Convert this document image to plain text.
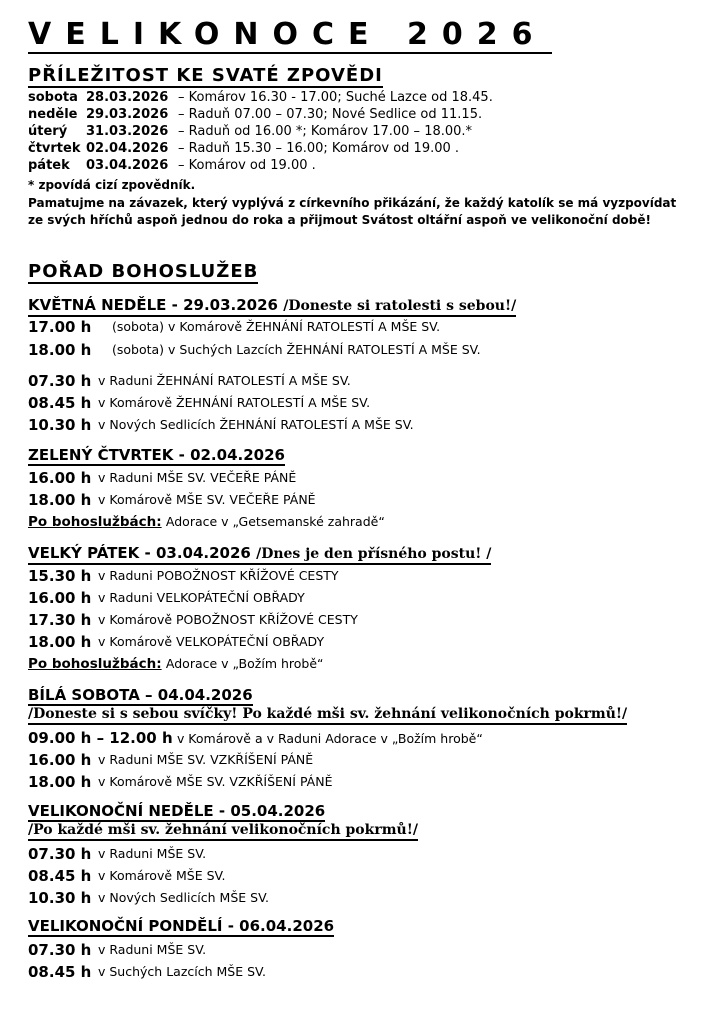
VELIKONOCE 2026
PŘÍLEŽITOST KE SVATÉ ZPOVĚDI
sobota 28.03.2026 – Komárov 16.30 - 17.00; Suché Lazce od 18.45.
neděle 29.03.2026 – Raduň 07.00 – 07.30; Nové Sedlice od 11.15.
úterý 31.03.2026 – Raduň od 16.00 *; Komárov 17.00 – 18.00.*
čtvrtek 02.04.2026 – Raduň 15.30 – 16.00; Komárov od 19.00 .
pátek 03.04.2026 – Komárov od 19.00 .
* zpovídá cizí zpovědník.
Pamatujme na závazek, který vyplývá z církevního přikázání, že každý katolík se má vyzpovídat
ze svých hříchů aspoň jednou do roka a přijmout Svátost oltářní aspoň ve velikonoční době!
POŘAD BOHOSLUŽEB
KVĚTNÁ NEDĚLE - 29.03.2026 /Doneste si ratolesti s sebou!/
17.00 h (sobota) v Komárově ŽEHNÁNÍ RATOLESTÍ A MŠE SV.
18.00 h (sobota) v Suchých Lazcích ŽEHNÁNÍ RATOLESTÍ A MŠE SV.
07.30 h v Raduni ŽEHNÁNÍ RATOLESTÍ A MŠE SV.
08.45 h v Komárově ŽEHNÁNÍ RATOLESTÍ A MŠE SV.
10.30 h v Nových Sedlicích ŽEHNÁNÍ RATOLESTÍ A MŠE SV.
ZELENÝ ČTVRTEK - 02.04.2026
16.00 h v Raduni MŠE SV. VEČEŘE PÁNĚ
18.00 h v Komárově MŠE SV. VEČEŘE PÁNĚ
Po bohoslužbách: Adorace v „Getsemanské zahradě“
VELKÝ PÁTEK - 03.04.2026 /Dnes je den přísného postu! /
15.30 h v Raduni POBOŽNOST KŘÍŽOVÉ CESTY
16.00 h v Raduni VELKOPÁTEČNÍ OBŘADY
17.30 h v Komárově POBOŽNOST KŘÍŽOVÉ CESTY
18.00 h v Komárově VELKOPÁTEČNÍ OBŘADY
Po bohoslužbách: Adorace v „Božím hrobě“
BÍLÁ SOBOTA – 04.04.2026
/Doneste si s sebou svíčky! Po každé mši sv. žehnání velikonočních pokrmů!/
09.00 h – 12.00 h v Komárově a v Raduni Adorace v „Božím hrobě“
16.00 h v Raduni MŠE SV. VZKŘÍŠENÍ PÁNĚ
18.00 h v Komárově MŠE SV. VZKŘÍŠENÍ PÁNĚ
VELIKONOČNÍ NEDĚLE - 05.04.2026
/Po každé mši sv. žehnání velikonočních pokrmů!/
07.30 h v Raduni MŠE SV.
08.45 h v Komárově MŠE SV.
10.30 h v Nových Sedlicích MŠE SV.
VELIKONOČNÍ PONDĚLÍ - 06.04.2026
07.30 h v Raduni MŠE SV.
08.45 h v Suchých Lazcích MŠE SV.
